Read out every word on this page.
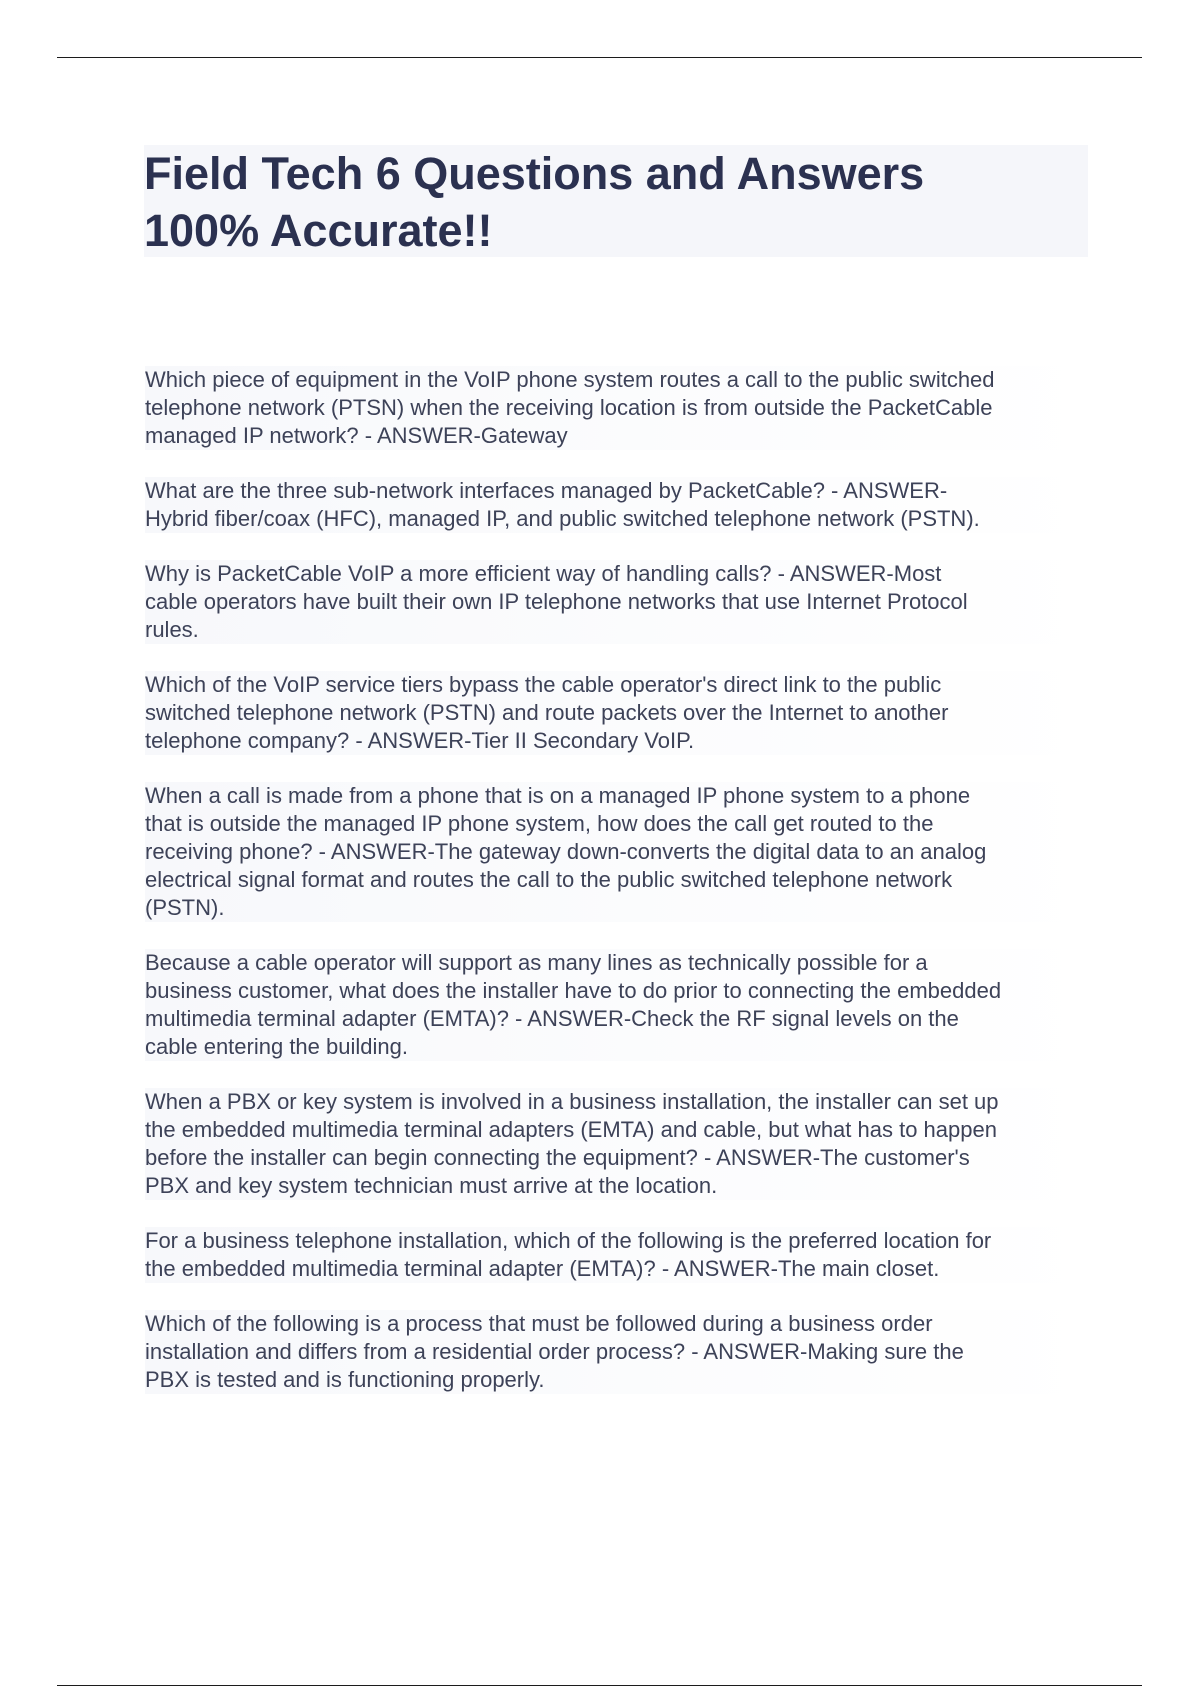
Field Tech 6 Questions and Answers
100% Accurate!!

Which piece of equipment in the VoIP phone system routes a call to the public switched
telephone network (PTSN) when the receiving location is from outside the PacketCable
managed IP network? - ANSWER-Gateway

What are the three sub-network interfaces managed by PacketCable? - ANSWER-
Hybrid fiber/coax (HFC), managed IP, and public switched telephone network (PSTN).

Why is PacketCable VoIP a more efficient way of handling calls? - ANSWER-Most
cable operators have built their own IP telephone networks that use Internet Protocol
rules.

Which of the VoIP service tiers bypass the cable operator's direct link to the public
switched telephone network (PSTN) and route packets over the Internet to another
telephone company? - ANSWER-Tier II Secondary VoIP.

When a call is made from a phone that is on a managed IP phone system to a phone
that is outside the managed IP phone system, how does the call get routed to the
receiving phone? - ANSWER-The gateway down-converts the digital data to an analog
electrical signal format and routes the call to the public switched telephone network
(PSTN).

Because a cable operator will support as many lines as technically possible for a
business customer, what does the installer have to do prior to connecting the embedded
multimedia terminal adapter (EMTA)? - ANSWER-Check the RF signal levels on the
cable entering the building.

When a PBX or key system is involved in a business installation, the installer can set up
the embedded multimedia terminal adapters (EMTA) and cable, but what has to happen
before the installer can begin connecting the equipment? - ANSWER-The customer's
PBX and key system technician must arrive at the location.

For a business telephone installation, which of the following is the preferred location for
the embedded multimedia terminal adapter (EMTA)? - ANSWER-The main closet.

Which of the following is a process that must be followed during a business order
installation and differs from a residential order process? - ANSWER-Making sure the
PBX is tested and is functioning properly.
